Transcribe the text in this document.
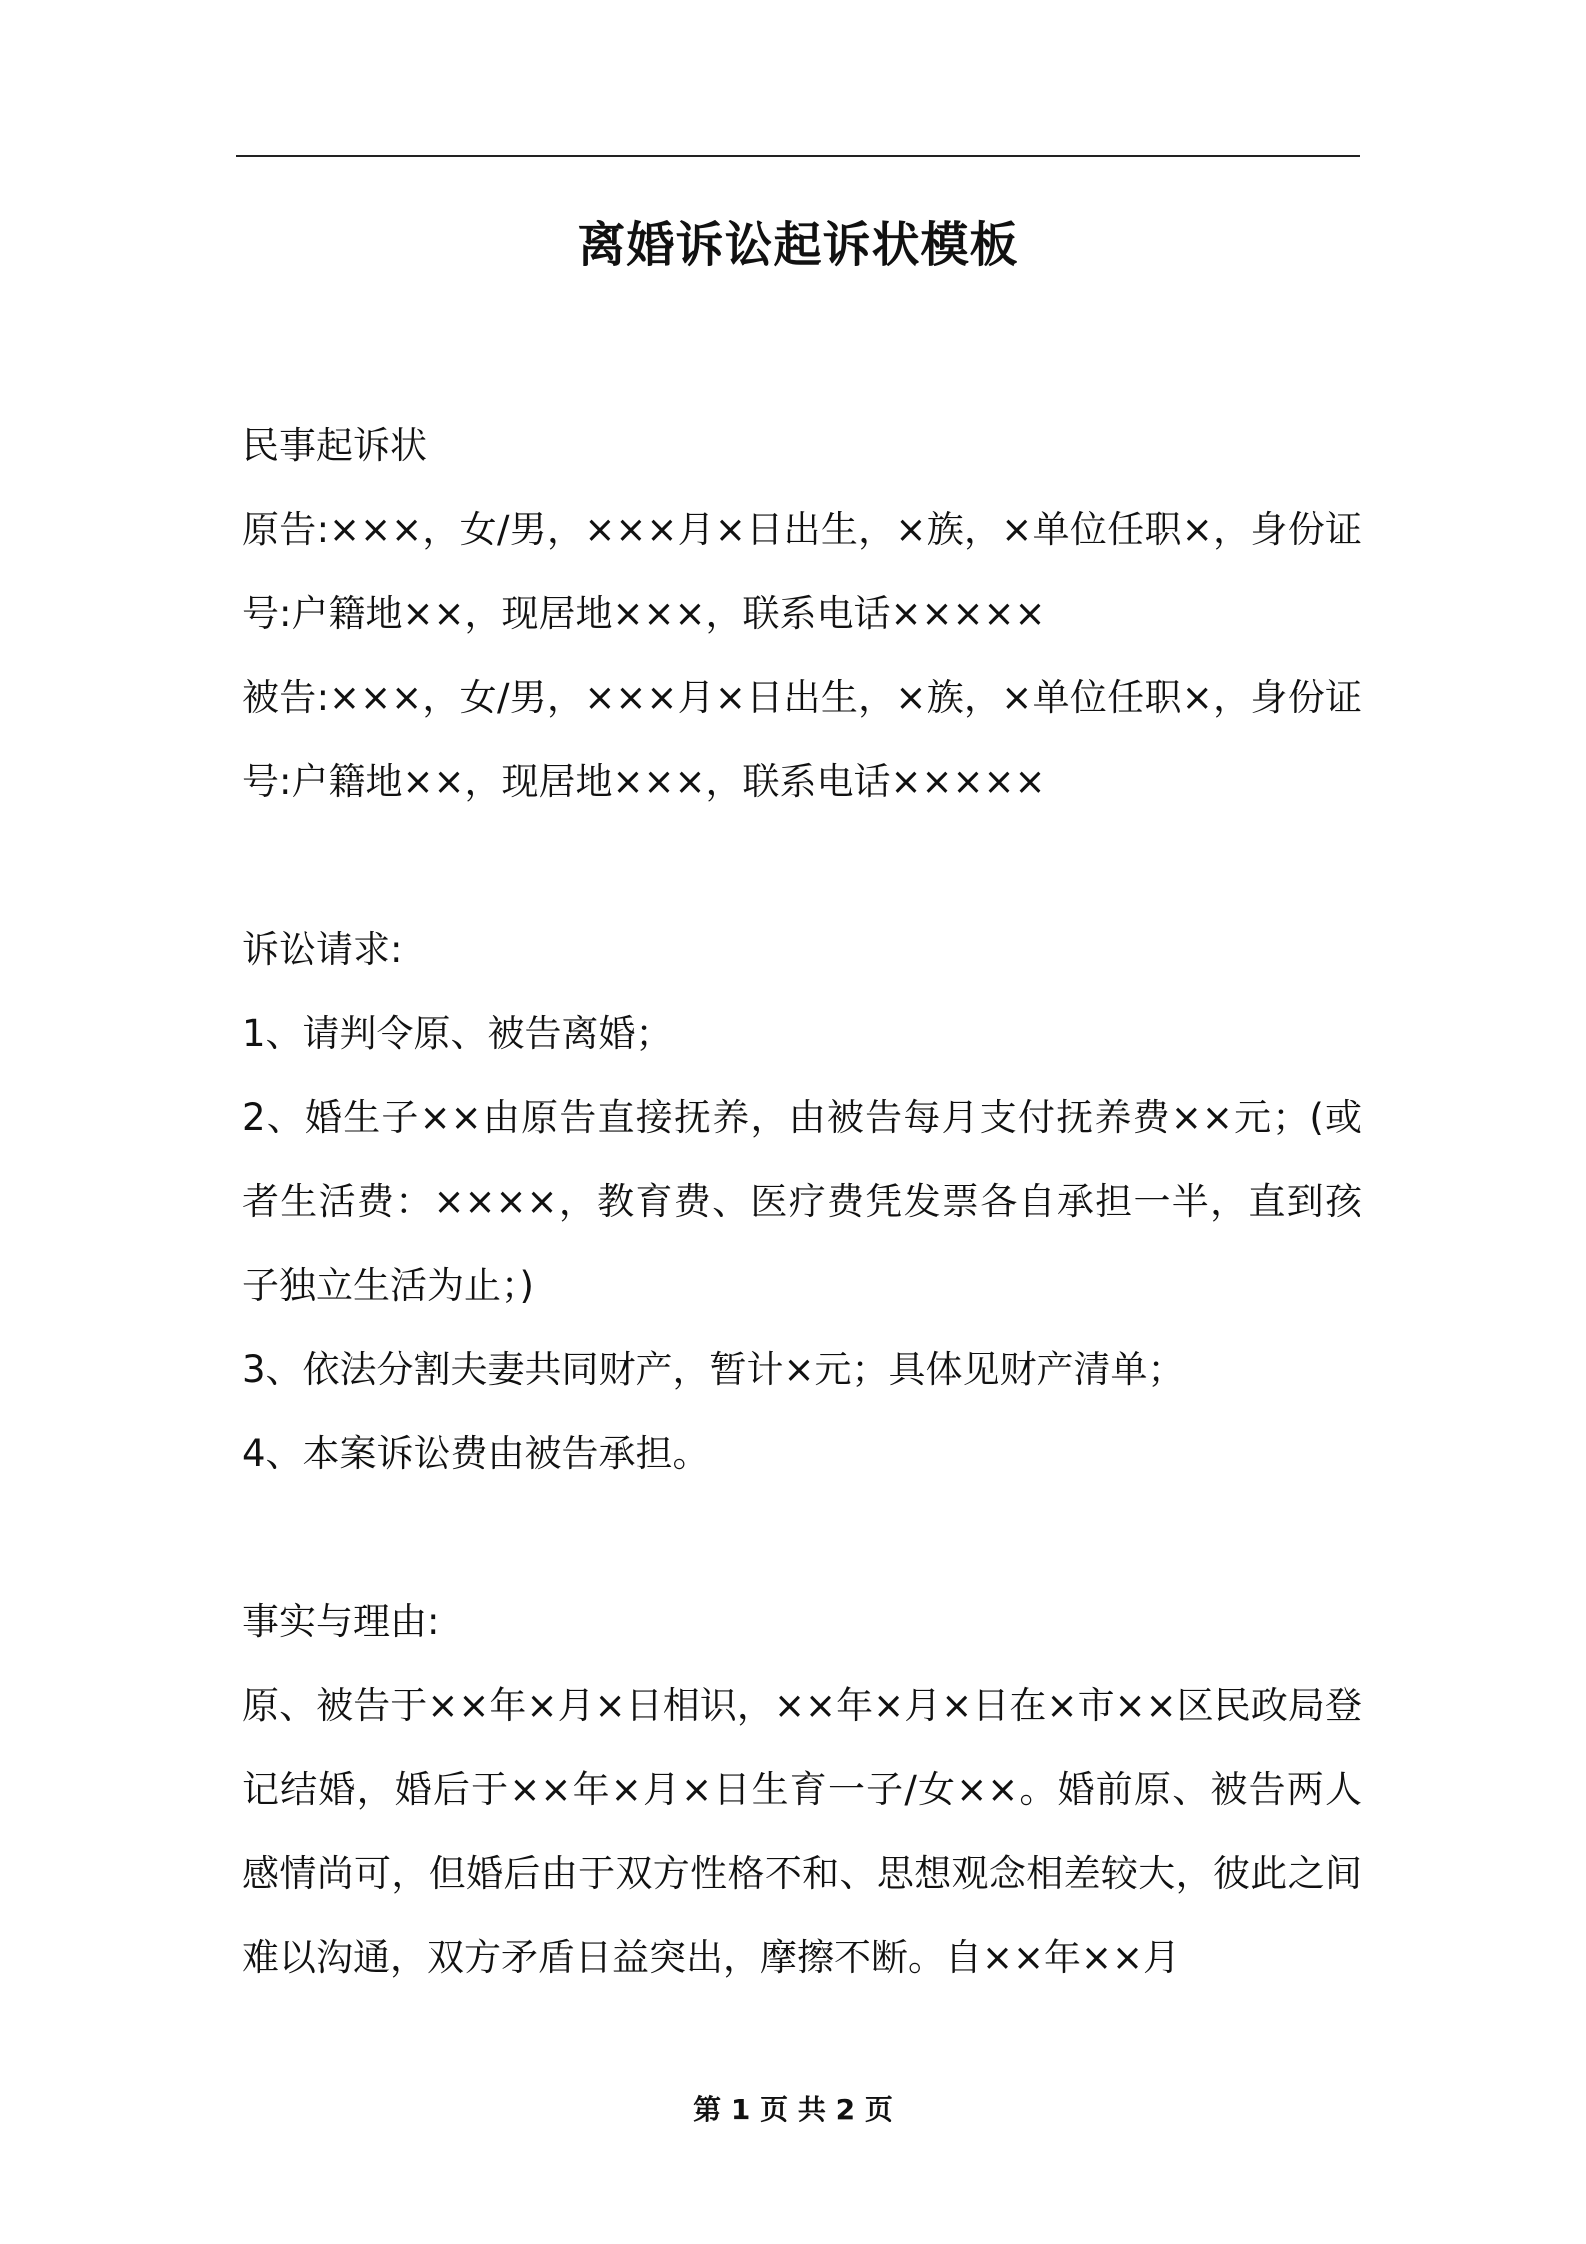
离婚诉讼起诉状模板

民事起诉状

原告:×××，女/男，×××月×日出生，×族，×单位任职×，身份证号:户籍地××，现居地×××，联系电话×××××

被告:×××，女/男，×××月×日出生，×族，×单位任职×，身份证号:户籍地××，现居地×××，联系电话×××××

诉讼请求:

1、请判令原、被告离婚；

2、婚生子××由原告直接抚养，由被告每月支付抚养费××元；(或者生活费：××××，教育费、医疗费凭发票各自承担一半，直到孩子独立生活为止；)

3、依法分割夫妻共同财产，暂计×元；具体见财产清单；

4、本案诉讼费由被告承担。

事实与理由:

原、被告于××年×月×日相识，××年×月×日在×市××区民政局登记结婚，婚后于××年×月×日生育一子/女××。婚前原、被告两人感情尚可，但婚后由于双方性格不和、思想观念相差较大，彼此之间难以沟通，双方矛盾日益突出，摩擦不断。自××年××月

第 1 页 共 2 页
